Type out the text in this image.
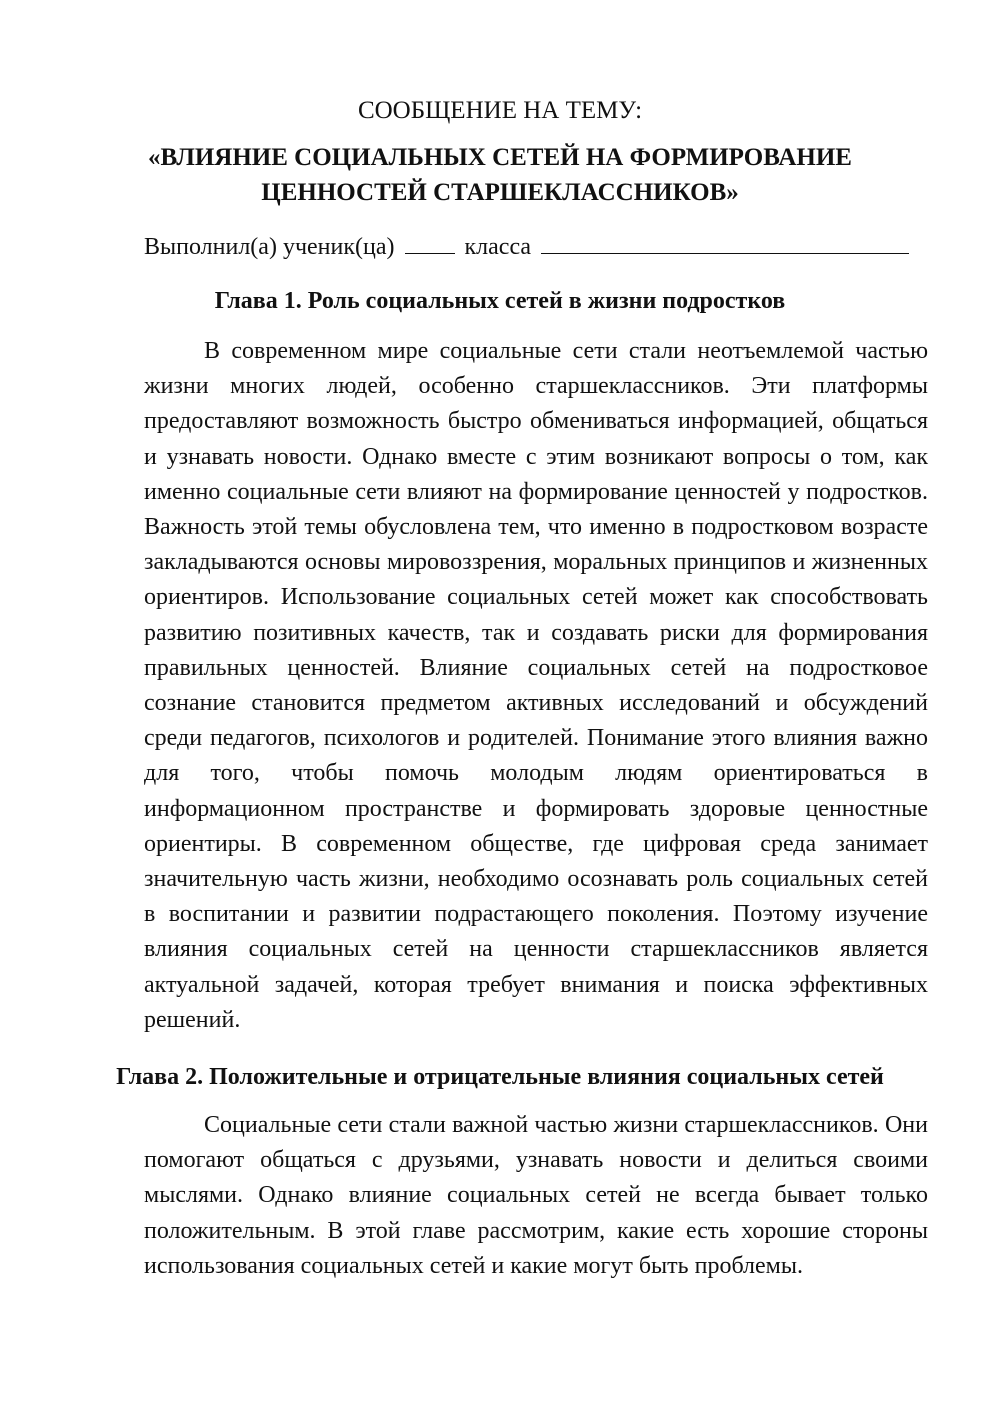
СООБЩЕНИЕ НА ТЕМУ:

«ВЛИЯНИЕ СОЦИАЛЬНЫХ СЕТЕЙ НА ФОРМИРОВАНИЕ
ЦЕННОСТЕЙ СТАРШЕКЛАССНИКОВ»
Выполнил(а) ученик(ца)	класса
Глава 1. Роль социальных сетей в жизни подростков

В современном мире социальные сети стали неотъемлемой частью жизни многих людей, особенно старшеклассников. Эти платформы предоставляют возможность быстро обмениваться информацией, общаться и узнавать новости. Однако вместе с этим возникают вопросы о том, как именно социальные сети влияют на формирование ценностей у подростков. Важность этой темы обусловлена тем, что именно в подростковом возрасте закладываются основы мировоззрения, моральных принципов и жизненных ориентиров. Использование социальных сетей может как способствовать развитию позитивных качеств, так и создавать риски для формирования правильных ценностей. Влияние социальных сетей на подростковое сознание становится предметом активных исследований и обсуждений среди педагогов, психологов и родителей. Понимание этого влияния важно для того, чтобы помочь молодым людям ориентироваться в информационном пространстве и формировать здоровые ценностные ориентиры. В современном обществе, где цифровая среда занимает значительную часть жизни, необходимо осознавать роль социальных сетей в воспитании и развитии подрастающего поколения. Поэтому изучение влияния социальных сетей на ценности старшеклассников является актуальной задачей, которая требует внимания и поиска эффективных решений.

Глава 2. Положительные и отрицательные влияния социальных сетей

Социальные сети стали важной частью жизни старшеклассников. Они помогают общаться с друзьями, узнавать новости и делиться своими мыслями. Однако влияние социальных сетей не всегда бывает только положительным. В этой главе рассмотрим, какие есть хорошие стороны использования социальных сетей и какие могут быть проблемы.
